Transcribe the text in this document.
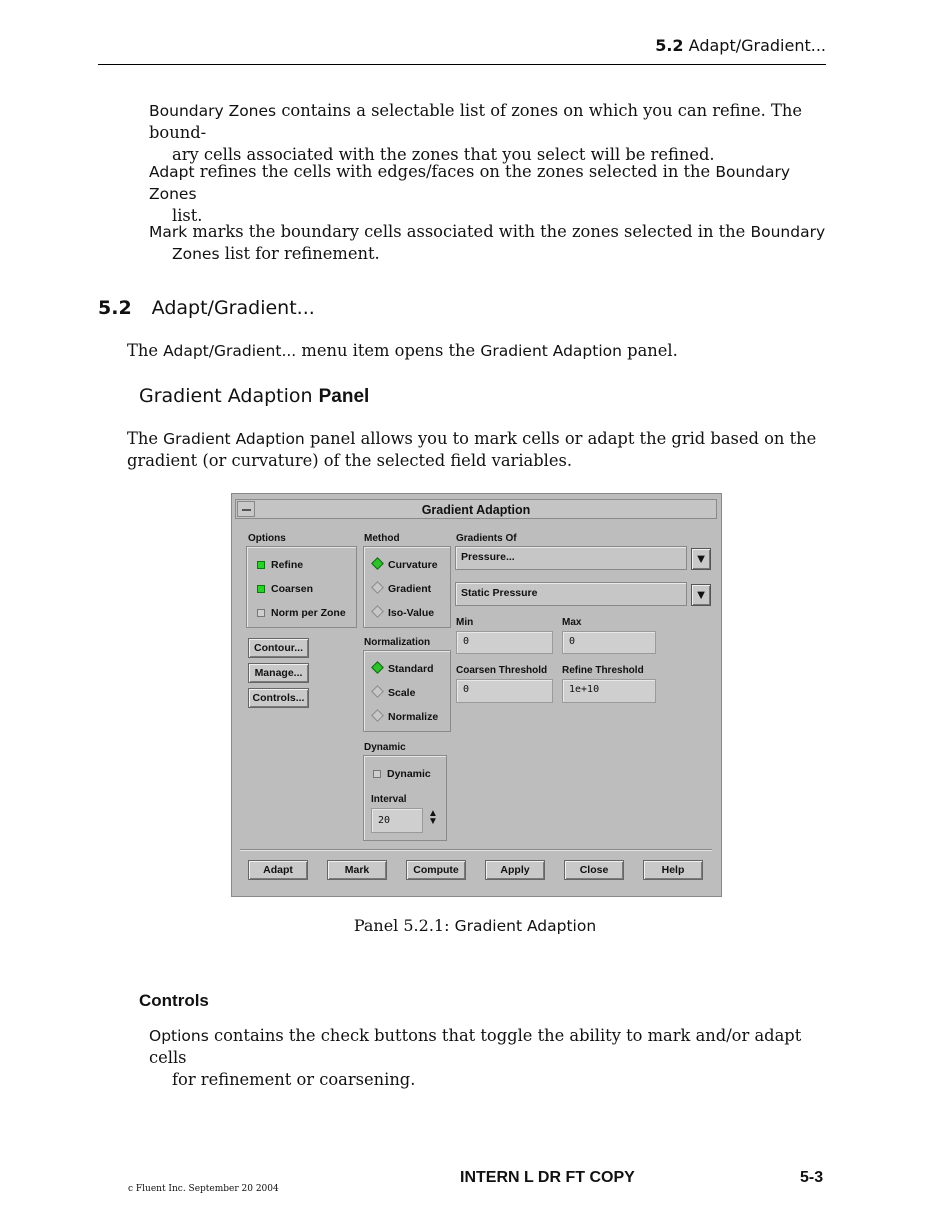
5.2 Adapt/Gradient...
Boundary Zones contains a selectable list of zones on which you can refine. The bound-
ary cells associated with the zones that you select will be refined.
Adapt refines the cells with edges/faces on the zones selected in the Boundary Zones
list.
Mark marks the boundary cells associated with the zones selected in the Boundary
Zones list for refinement.
5.2 Adapt/Gradient...
The Adapt/Gradient... menu item opens the Gradient Adaption panel.
Gradient Adaption Panel
The Gradient Adaption panel allows you to mark cells or adapt the grid based on the
gradient (or curvature) of the selected field variables.
Gradient Adaption
Options
Refine
Coarsen
Norm per Zone
Contour...
Manage...
Controls...
Method
Curvature
Gradient
Iso-Value
Normalization
Standard
Scale
Normalize
Dynamic
Dynamic
Interval
20
▲
▼
Gradients Of
Pressure...	▼
Static Pressure	▼
Min
0
Max
0
Coarsen Threshold
0
Refine Threshold
1e+10
Adapt	Mark	Compute	Apply	Close	Help
Panel 5.2.1: Gradient Adaption
Controls
Options contains the check buttons that toggle the ability to mark and/or adapt cells
for refinement or coarsening.
c Fluent Inc. September 20 2004
INTERN L DR FT COPY	5-3
